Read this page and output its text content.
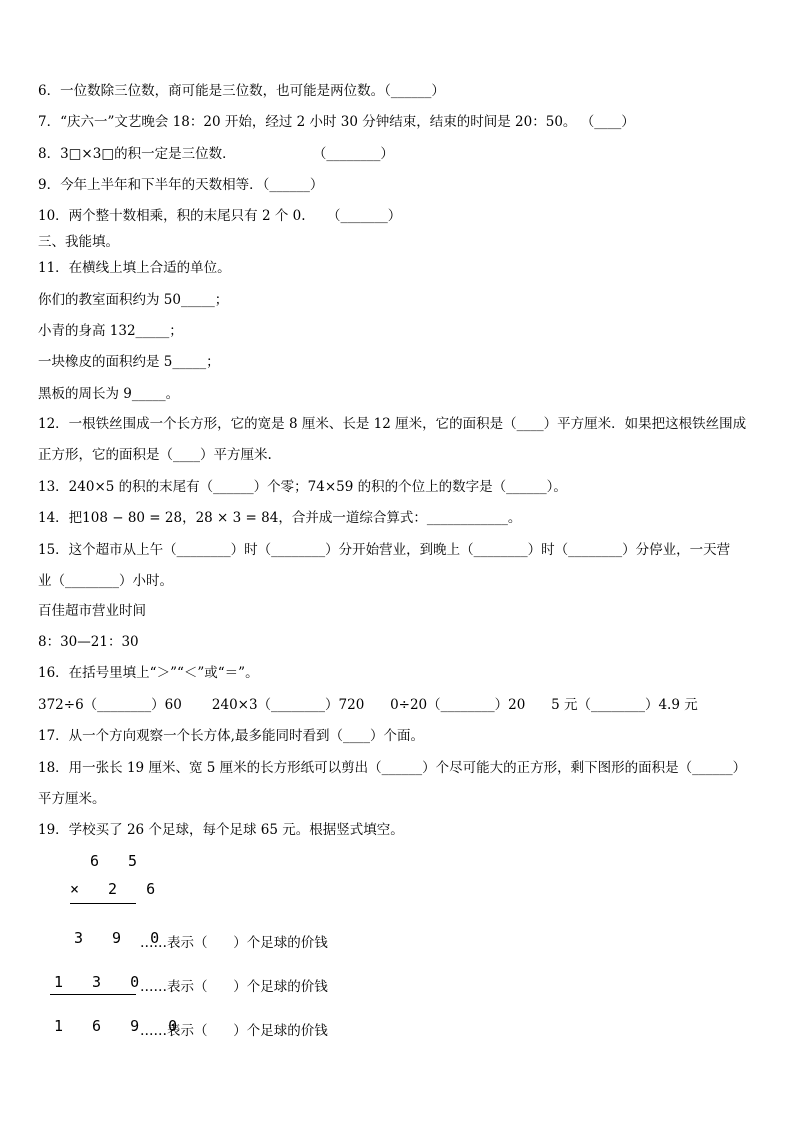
6．一位数除三位数，商可能是三位数，也可能是两位数。（______）
7．“庆六一”文艺晚会 18：20 开始，经过 2 小时 30 分钟结束，结束的时间是 20：50。 （____）
8．3□×3□的积一定是三位数．                  （________）
9．今年上半年和下半年的天数相等．（______）
10．两个整十数相乘，积的末尾只有 2 个 0.     （_______）
三、我能填。
11．在横线上填上合适的单位。
你们的教室面积约为 50_____；
小青的身高 132_____；
一块橡皮的面积约是 5_____；
黑板的周长为 9_____。
12．一根铁丝围成一个长方形，它的宽是 8 厘米、长是 12 厘米，它的面积是（____）平方厘米．如果把这根铁丝围成
正方形，它的面积是（____）平方厘米.
13．240×5 的积的末尾有（______）个零；74×59 的积的个位上的数字是（______）。
14．把108 − 80 = 28，28 × 3 = 84，合并成一道综合算式：____________。
15．这个超市从上午（________）时（________）分开始营业，到晚上（________）时（________）分停业，一天营
业（________）小时。
百佳超市营业时间
8：30—21：30
16．在括号里填上“＞”“＜”或“＝”。
372÷6（________）60       240×3（________）720      0÷20（________）20      5 元（________）4.9 元
17．从一个方向观察一个长方体,最多能同时看到（____）个面。
18．用一张长 19 厘米、宽 5 厘米的长方形纸可以剪出（______）个尽可能大的正方形，剩下图形的面积是（______）
平方厘米。
19．学校买了 26 个足球，每个足球 65 元。根据竖式填空。
6 5
× 2 6
3 9 0
……表示（      ）个足球的价钱
1 3 0
……表示（      ）个足球的价钱
1 6 9 0
……表示（      ）个足球的价钱
